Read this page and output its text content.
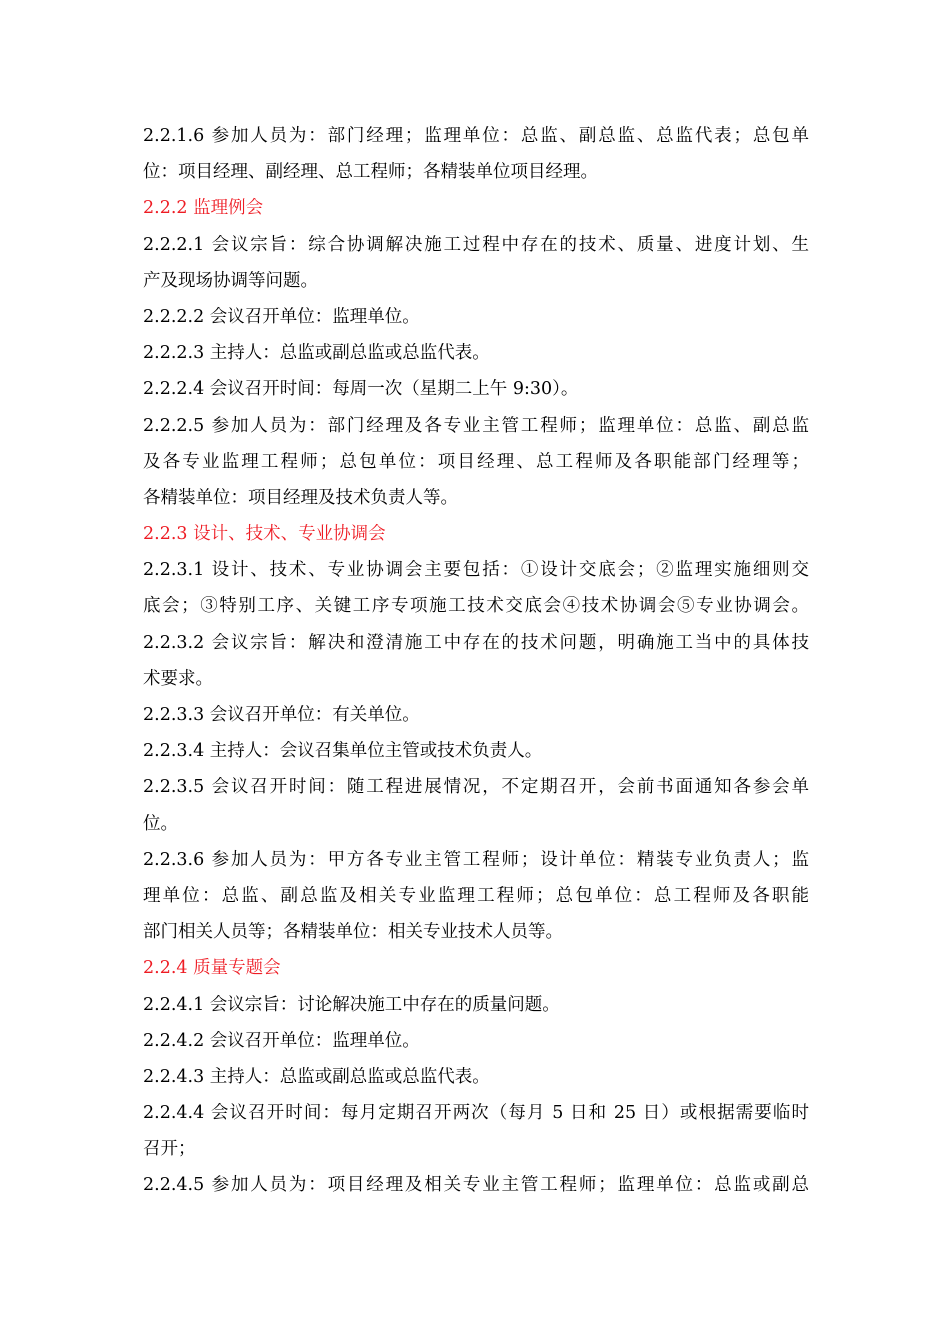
2.2.1.6 参加人员为：部门经理；监理单位：总监、副总监、总监代表；总包单
位：项目经理、副经理、总工程师；各精装单位项目经理。
2.2.2 监理例会
2.2.2.1 会议宗旨：综合协调解决施工过程中存在的技术、质量、进度计划、生
产及现场协调等问题。
2.2.2.2 会议召开单位：监理单位。
2.2.2.3 主持人：总监或副总监或总监代表。
2.2.2.4 会议召开时间：每周一次（星期二上午 9:30）。
2.2.2.5 参加人员为：部门经理及各专业主管工程师；监理单位：总监、副总监
及各专业监理工程师；总包单位：项目经理、总工程师及各职能部门经理等；
各精装单位：项目经理及技术负责人等。
2.2.3 设计、技术、专业协调会
2.2.3.1 设计、技术、专业协调会主要包括：①设计交底会；②监理实施细则交
底会；③特别工序、关键工序专项施工技术交底会④技术协调会⑤专业协调会。
2.2.3.2 会议宗旨：解决和澄清施工中存在的技术问题，明确施工当中的具体技
术要求。
2.2.3.3 会议召开单位：有关单位。
2.2.3.4 主持人：会议召集单位主管或技术负责人。
2.2.3.5 会议召开时间：随工程进展情况，不定期召开，会前书面通知各参会单
位。
2.2.3.6 参加人员为：甲方各专业主管工程师；设计单位：精装专业负责人；监
理单位：总监、副总监及相关专业监理工程师；总包单位：总工程师及各职能
部门相关人员等；各精装单位：相关专业技术人员等。
2.2.4 质量专题会
2.2.4.1 会议宗旨：讨论解决施工中存在的质量问题。
2.2.4.2 会议召开单位：监理单位。
2.2.4.3 主持人：总监或副总监或总监代表。
2.2.4.4 会议召开时间：每月定期召开两次（每月 5 日和 25 日）或根据需要临时
召开；
2.2.4.5 参加人员为：项目经理及相关专业主管工程师；监理单位：总监或副总
